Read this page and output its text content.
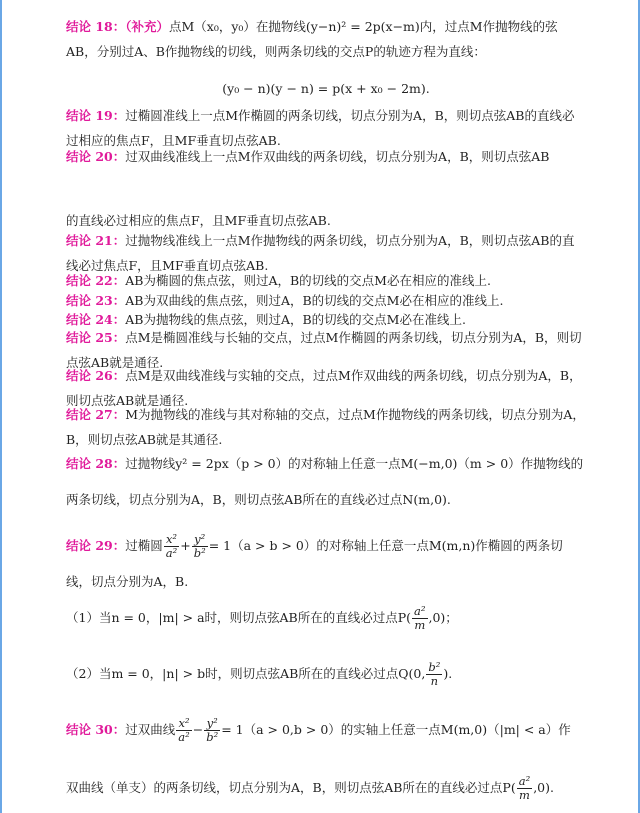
结论 18：（补充）点M（x₀，y₀）在抛物线(y−n)² = 2p(x−m)内，过点M作抛物线的弦AB，分别过A、B作抛物线的切线，则两条切线的交点P的轨迹方程为直线：
(y₀ − n)(y − n) = p(x + x₀ − 2m).
结论 19：过椭圆准线上一点M作椭圆的两条切线，切点分别为A，B，则切点弦AB的直线必过相应的焦点F，且MF垂直切点弦AB.
结论 20：过双曲线准线上一点M作双曲线的两条切线，切点分别为A，B，则切点弦AB
的直线必过相应的焦点F，且MF垂直切点弦AB.
结论 21：过抛物线准线上一点M作抛物线的两条切线，切点分别为A，B，则切点弦AB的直线必过焦点F，且MF垂直切点弦AB.
结论 22：AB为椭圆的焦点弦，则过A，B的切线的交点M必在相应的准线上.
结论 23：AB为双曲线的焦点弦，则过A，B的切线的交点M必在相应的准线上.
结论 24：AB为抛物线的焦点弦，则过A，B的切线的交点M必在准线上.
结论 25：点M是椭圆准线与长轴的交点，过点M作椭圆的两条切线，切点分别为A，B，则切点弦AB就是通径.
结论 26：点M是双曲线准线与实轴的交点，过点M作双曲线的两条切线，切点分别为A，B，则切点弦AB就是通径.
结论 27：M为抛物线的准线与其对称轴的交点，过点M作抛物线的两条切线，切点分别为A，B，则切点弦AB就是其通径.
结论 28：过抛物线y² = 2px（p > 0）的对称轴上任意一点M(−m,0)（m > 0）作抛物线的两条切线，切点分别为A，B，则切点弦AB所在的直线必过点N(m,0).
结论 29：过椭圆 $\frac{\text{x²}}{\text{a²}} + \frac{\text{y²}}{\text{b²}} = 1(a > b > 0)$的对称轴上任意一点M(m,n)作椭圆的两条切线，切点分别为A，B.
（1）当n = 0，|m| > a时，则切点弦AB所在的直线必过点$P( \frac{\text{a²}}{m} ,0)$；
（2）当m = 0，|n| > b时，则切点弦AB所在的直线必过点Q(0, $\frac{\text{b²}}{n}$ ).
结论 30：过双曲线 $\frac{\text{x²}}{\text{a²}} - \frac{\text{y²}}{\text{b²}} = 1(a > 0,b > 0)$的实轴上任意一点M(m,0)（|m| < a）作
双曲线（单支）的两条切线，切点分别为A，B，则切点弦AB所在的直线必过点$P( \frac{\text{a²}}{m} ,0)$.
